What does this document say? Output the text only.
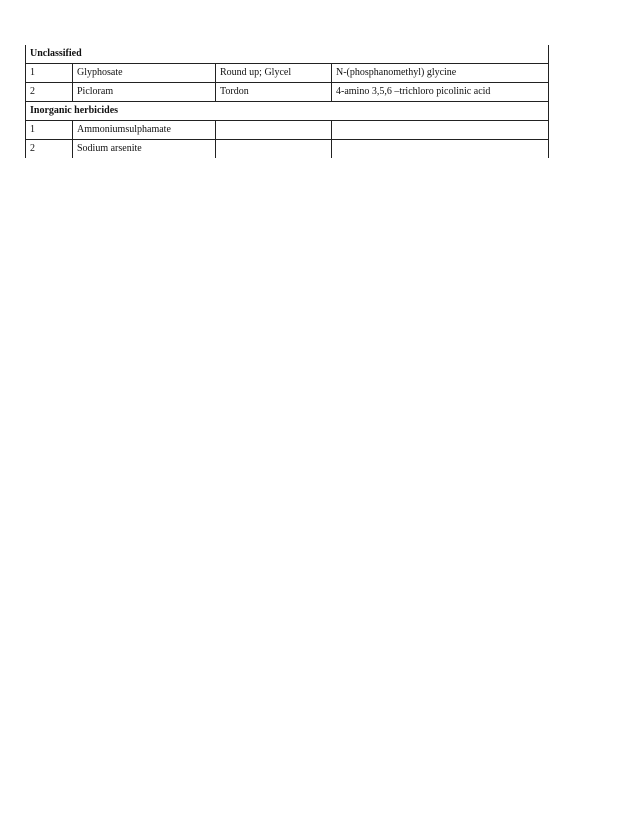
Unclassified			
1	Glyphosate	Round up; Glycel	N-(phosphanomethyl) glycine
2	Picloram	Tordon	4-amino 3,5,6 –trichloro picolinic acid
Inorganic herbicides			
1	Ammoniumsulphamate		
2	Sodium arsenite		
